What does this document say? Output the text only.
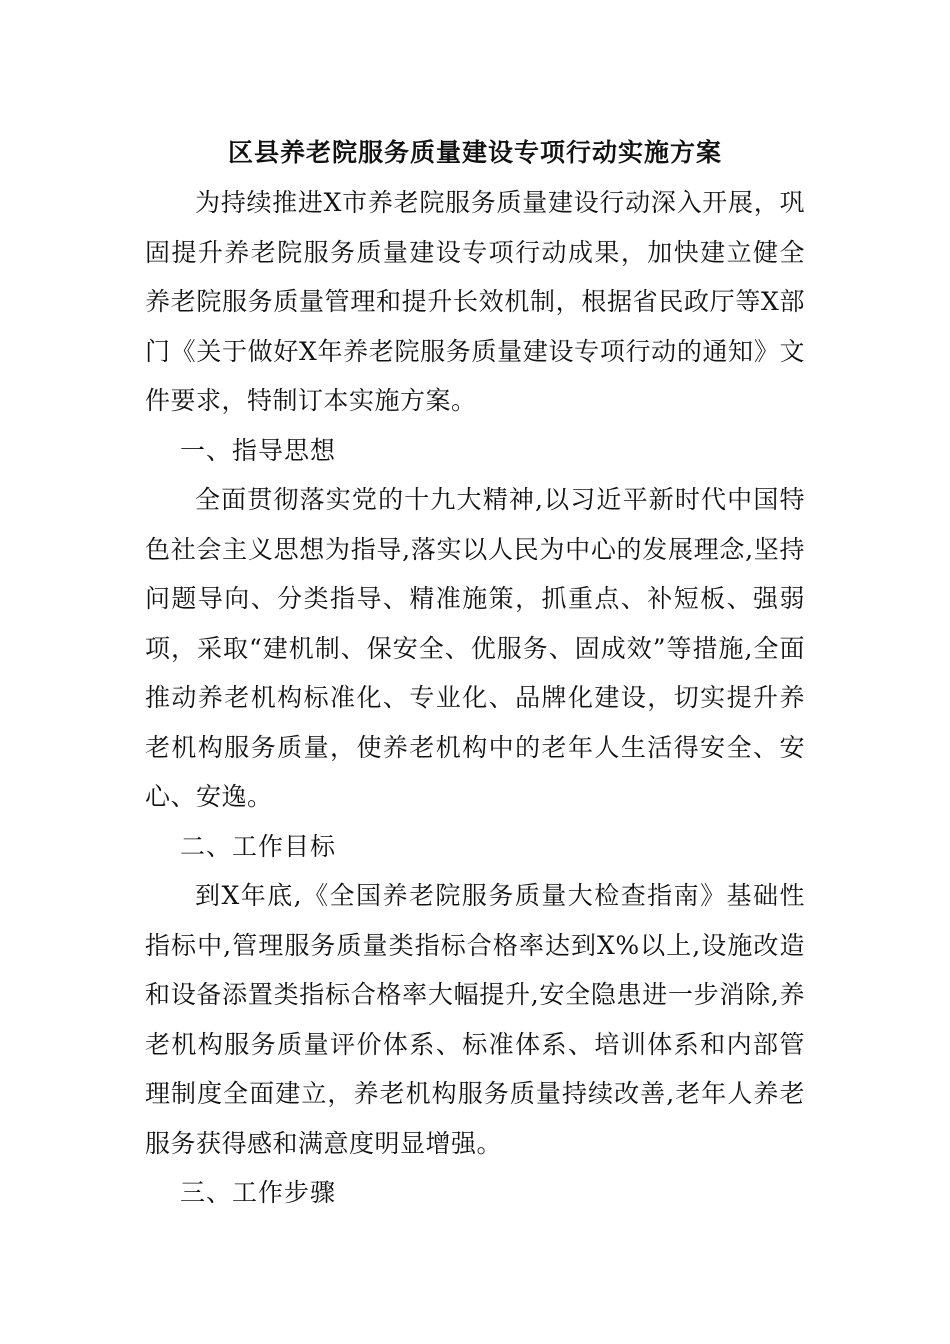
区县养老院服务质量建设专项行动实施方案

为持续推进X市养老院服务质量建设行动深入开展，巩固提升养老院服务质量建设专项行动成果，加快建立健全养老院服务质量管理和提升长效机制，根据省民政厅等X部门《关于做好X年养老院服务质量建设专项行动的通知》文件要求，特制订本实施方案。

一、指导思想

全面贯彻落实党的十九大精神,以习近平新时代中国特色社会主义思想为指导,落实以人民为中心的发展理念,坚持问题导向、分类指导、精准施策，抓重点、补短板、强弱项，采取“建机制、保安全、优服务、固成效”等措施,全面推动养老机构标准化、专业化、品牌化建设，切实提升养老机构服务质量，使养老机构中的老年人生活得安全、安心、安逸。

二、工作目标

到X年底,《全国养老院服务质量大检查指南》基础性指标中,管理服务质量类指标合格率达到X%以上,设施改造和设备添置类指标合格率大幅提升,安全隐患进一步消除,养老机构服务质量评价体系、标准体系、培训体系和内部管理制度全面建立，养老机构服务质量持续改善,老年人养老服务获得感和满意度明显增强。

三、工作步骤
